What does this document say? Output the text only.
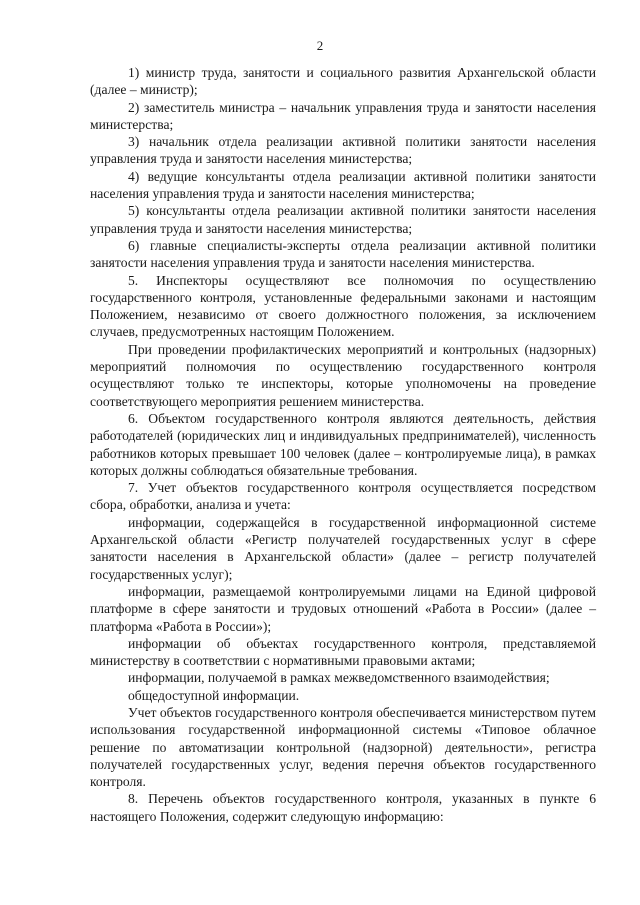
2

1) министр труда, занятости и социального развития Архангельской области (далее – министр);

2) заместитель министра – начальник управления труда и занятости населения министерства;

3) начальник отдела реализации активной политики занятости населения управления труда и занятости населения министерства;

4) ведущие консультанты отдела реализации активной политики занятости населения управления труда и занятости населения министерства;

5) консультанты отдела реализации активной политики занятости населения управления труда и занятости населения министерства;

6) главные специалисты-эксперты отдела реализации активной политики занятости населения управления труда и занятости населения министерства.

5. Инспекторы осуществляют все полномочия по осуществлению государственного контроля, установленные федеральными законами и настоящим Положением, независимо от своего должностного положения, за исключением случаев, предусмотренных настоящим Положением.

При проведении профилактических мероприятий и контрольных (надзорных) мероприятий полномочия по осуществлению государственного контроля осуществляют только те инспекторы, которые уполномочены на проведение соответствующего мероприятия решением министерства.

6. Объектом государственного контроля являются деятельность, действия работодателей (юридических лиц и индивидуальных предпринимателей), численность работников которых превышает 100 человек (далее – контролируемые лица), в рамках которых должны соблюдаться обязательные требования.

7. Учет объектов государственного контроля осуществляется посредством сбора, обработки, анализа и учета:

информации, содержащейся в государственной информационной системе Архангельской области «Регистр получателей государственных услуг в сфере занятости населения в Архангельской области» (далее – регистр получателей государственных услуг);

информации, размещаемой контролируемыми лицами на Единой цифровой платформе в сфере занятости и трудовых отношений «Работа в России» (далее – платформа «Работа в России»);

информации об объектах государственного контроля, представляемой министерству в соответствии с нормативными правовыми актами;

информации, получаемой в рамках межведомственного взаимодействия;

общедоступной информации.

Учет объектов государственного контроля обеспечивается министерством путем использования государственной информационной системы «Типовое облачное решение по автоматизации контрольной (надзорной) деятельности», регистра получателей государственных услуг, ведения перечня объектов государственного контроля.

8. Перечень объектов государственного контроля, указанных в пункте 6 настоящего Положения, содержит следующую информацию:
